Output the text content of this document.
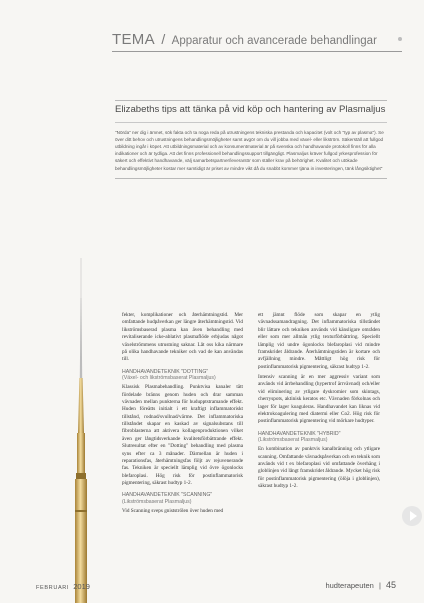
TEMA / Apparatur och avancerade behandlingar
Elizabeths tips att tänka på vid köp och hantering av Plasmaljus

"Nörda" ner dig i ämnet, sök fakta och ta noga reda på utrustningens tekniska prestanda och kapacitet (volt och "typ av plasma"). Se över ditt behov och utrustningens behandlingsmöjligheter samt avgör om du vill jobba med växel- eller likström. Säkerställ att fullgod utbildning ingår i köpet. Att utbildningsmaterial och av konsumentmaterial är på svenska och handhavande protokoll finns för alla indikationer och är tydliga. Att det finns professionell behandlingssupport tillgängligt. Plasmaljus kräver fullgod yrkesprofession för säkert och effektivt handhavande, välj samarbetspartner/leverantör som ställer krav på behörighet. Kvalitet och utökade behandlingsmöjligheter kostar mer samtidigt är priset av mindre vikt då du snabbt kommer tjäna in investeringen, tänk långsiktighet"

fekter, komplikationer och återhämtningstid. Mer omfattande hudpåverkan ger längre återhämtningstid. Vid likströmsbaserad plasma kan även behandling med revitaliserande icke-ablativt plasmaflöde erbjudas något växelströmmens utrustning saknar. Låt oss kika närmare på olika handhavande tekniker och vad de kan användas till.

HANDHAVANDETEKNIK "DOTTING"
(Växel- och likströmsbaserat Plasmaljus)

Klassisk Plasmabehandling. Punktvisa kanaler tätt fördelade bränns genom huden och drar samman vävnaden mellan punkterna för hudupptstramande effekt. Huden föreätts initialt i ett kraftigt inflammatoriskt tillstånd, rodnad/svullnad/värme. Det inflammatoriska tillståndet skapar en kaskad av signalsubstans till fibroblasterna att aktivera kollagenproduktionen vilket även ger långtidsverkande kvalitetsförbättrande effekt. Slutresultat efter en "Dotting" behandling med plasma syns efter ca 3 månader. Därmellan är huden i reparationsfas, återhämtningsfas följt av rejuvenerande fas. Tekniken är speciellt lämplig vid övre ögonlocks blefaroplasi. Hög risk för postinflammatorisk pigmentering, säkrast hudtyp 1-2.

HANDHAVANDETEKNIK "SCANNING"
(Likströmsbaserat Plasmaljus)

Vid Scanning sveps gnistströlen över huden med

ett jämnt flöde som skapar en ytlig vävnadssamandragning. Det inflammatoriska tillståndet blir lättare och tekniken används vid känsligare områden eller som mer allmän ytlig texturförbättring. Speciellt lämplig vid undre ögonlocks blefaroplasi vid mindre framskridet åldrande. Återhämtningstiden är kortare och avfjällning mindre. Måttligt hög risk för postinflammatorisk pigmentering, säkrast hudtyp 1-2.

Intensiv scanning är en mer aggressiv variant som används vid ärrbehandling (hypertrof ärrvävnad) och/eller vid eliminering av ytligare dyskromier som skintags, cherryspots, aktinisk keratos etc. Vävnaden förkolnas och lager för lager koaguleras. Handhavandet kan liknas vid elektrokoagulering med diatermi eller Co2. Hög risk för postinflammatorisk pigmentering vid mörkare hudtyper.

HANDHAVANDETEKNIK "HYBRID"
(Likströmsbaserat Plasmaljus)

En kombination av punktvis kanalbränning och ytligare scanning. Omfattande vävnadspåverkan och en teknik som används vid t ex blefaroplasi vid omfattande överhäng i globlinjen vid långt framskridet åldrande. Mycket hög risk för postinflammatorisk pigmentering (ölöja i globlinjen), säkrast hudtyp 1-2.

FEBRUARI 2019	hudterapeuten | 45
